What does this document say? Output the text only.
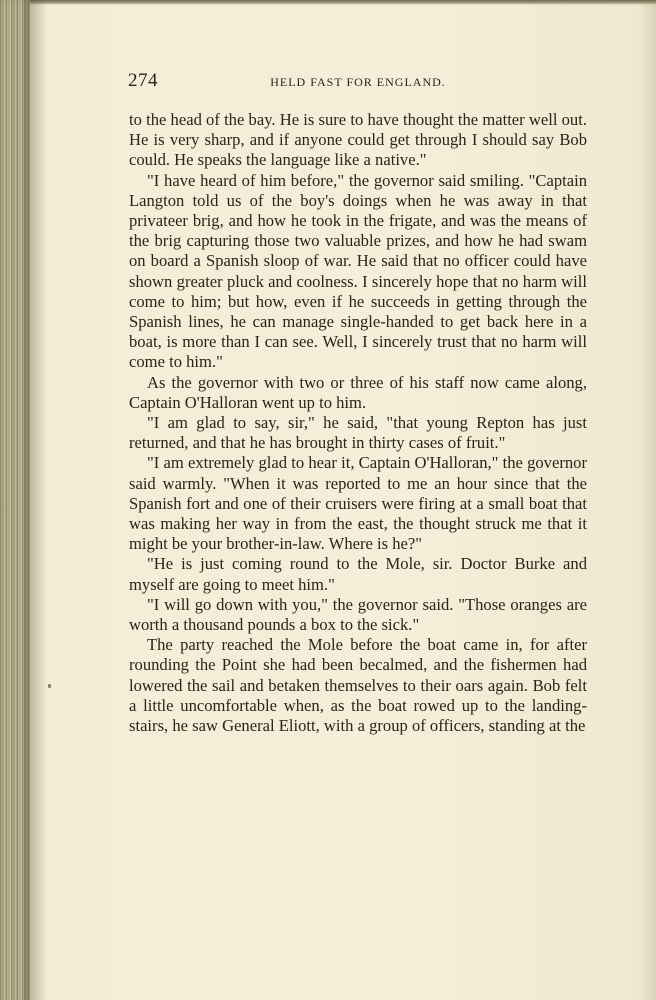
274	HELD FAST FOR ENGLAND.

to the head of the bay. He is sure to have thought the matter well out. He is very sharp, and if anyone could get through I should say Bob could. He speaks the language like a native."

"I have heard of him before," the governor said smiling. "Captain Langton told us of the boy's doings when he was away in that privateer brig, and how he took in the frigate, and was the means of the brig capturing those two valuable prizes, and how he had swam on board a Spanish sloop of war. He said that no officer could have shown greater pluck and coolness. I sincerely hope that no harm will come to him; but how, even if he succeeds in getting through the Spanish lines, he can manage single-handed to get back here in a boat, is more than I can see. Well, I sincerely trust that no harm will come to him."

As the governor with two or three of his staff now came along, Captain O'Halloran went up to him.

"I am glad to say, sir," he said, "that young Repton has just returned, and that he has brought in thirty cases of fruit."

"I am extremely glad to hear it, Captain O'Halloran," the governor said warmly. "When it was reported to me an hour since that the Spanish fort and one of their cruisers were firing at a small boat that was making her way in from the east, the thought struck me that it might be your brother-in-law. Where is he?"

"He is just coming round to the Mole, sir. Doctor Burke and myself are going to meet him."

"I will go down with you," the governor said. "Those oranges are worth a thousand pounds a box to the sick."

The party reached the Mole before the boat came in, for after rounding the Point she had been becalmed, and the fishermen had lowered the sail and betaken themselves to their oars again. Bob felt a little uncomfortable when, as the boat rowed up to the landing-stairs, he saw General Eliott, with a group of officers, standing at the
